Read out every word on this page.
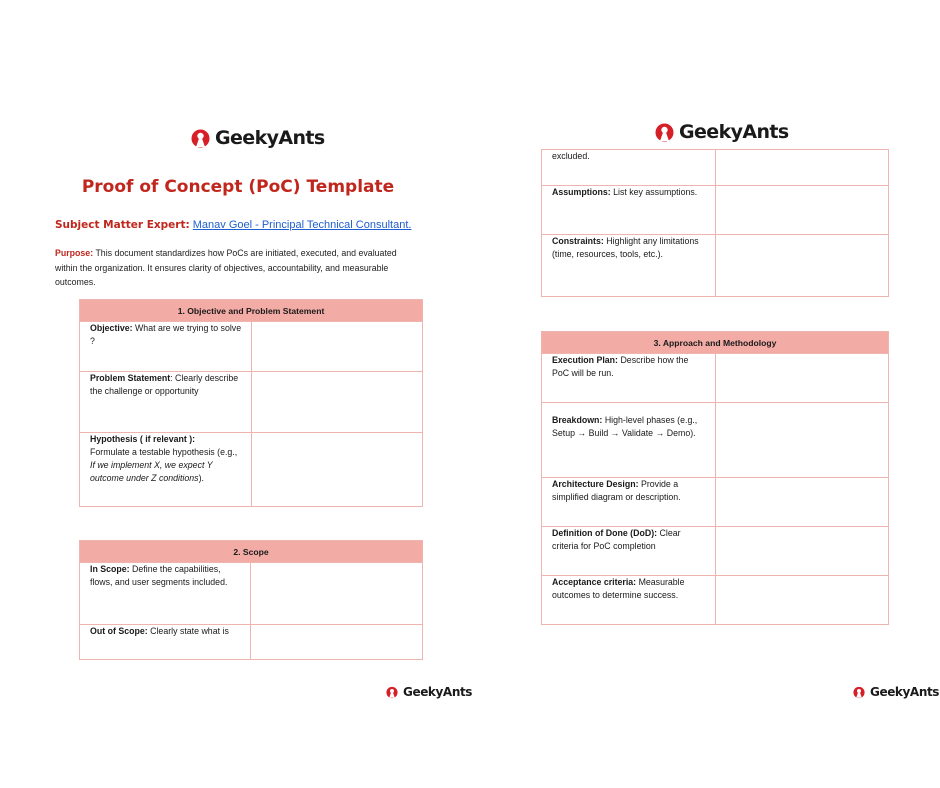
GeekyAnts
Proof of Concept (PoC) Template
Subject Matter Expert: Manav Goel - Principal Technical Consultant.
Purpose: This document standardizes how PoCs are initiated, executed, and evaluated within the organization. It ensures clarity of objectives, accountability, and measurable outcomes.
1. Objective and Problem Statement	

Objective: What are we trying to solve ?	

Problem Statement: Clearly describe the challenge or opportunity	

Hypothesis ( if relevant ):
Formulate a testable hypothesis (e.g., If we implement X, we expect Y outcome under Z conditions).	

2. Scope	

In Scope: Define the capabilities, flows, and user segments included.	

Out of Scope: Clearly state what is	

GeekyAnts
GeekyAnts
excluded.	

Assumptions: List key assumptions.	

Constraints: Highlight any limitations (time, resources, tools, etc.).	

3. Approach and Methodology	

Execution Plan: Describe how the PoC will be run.	

Breakdown: High-level phases (e.g., Setup → Build → Validate → Demo).	

Architecture Design: Provide a simplified diagram or description.	

Definition of Done (DoD): Clear criteria for PoC completion	

Acceptance criteria: Measurable outcomes to determine success.	

GeekyAnts
